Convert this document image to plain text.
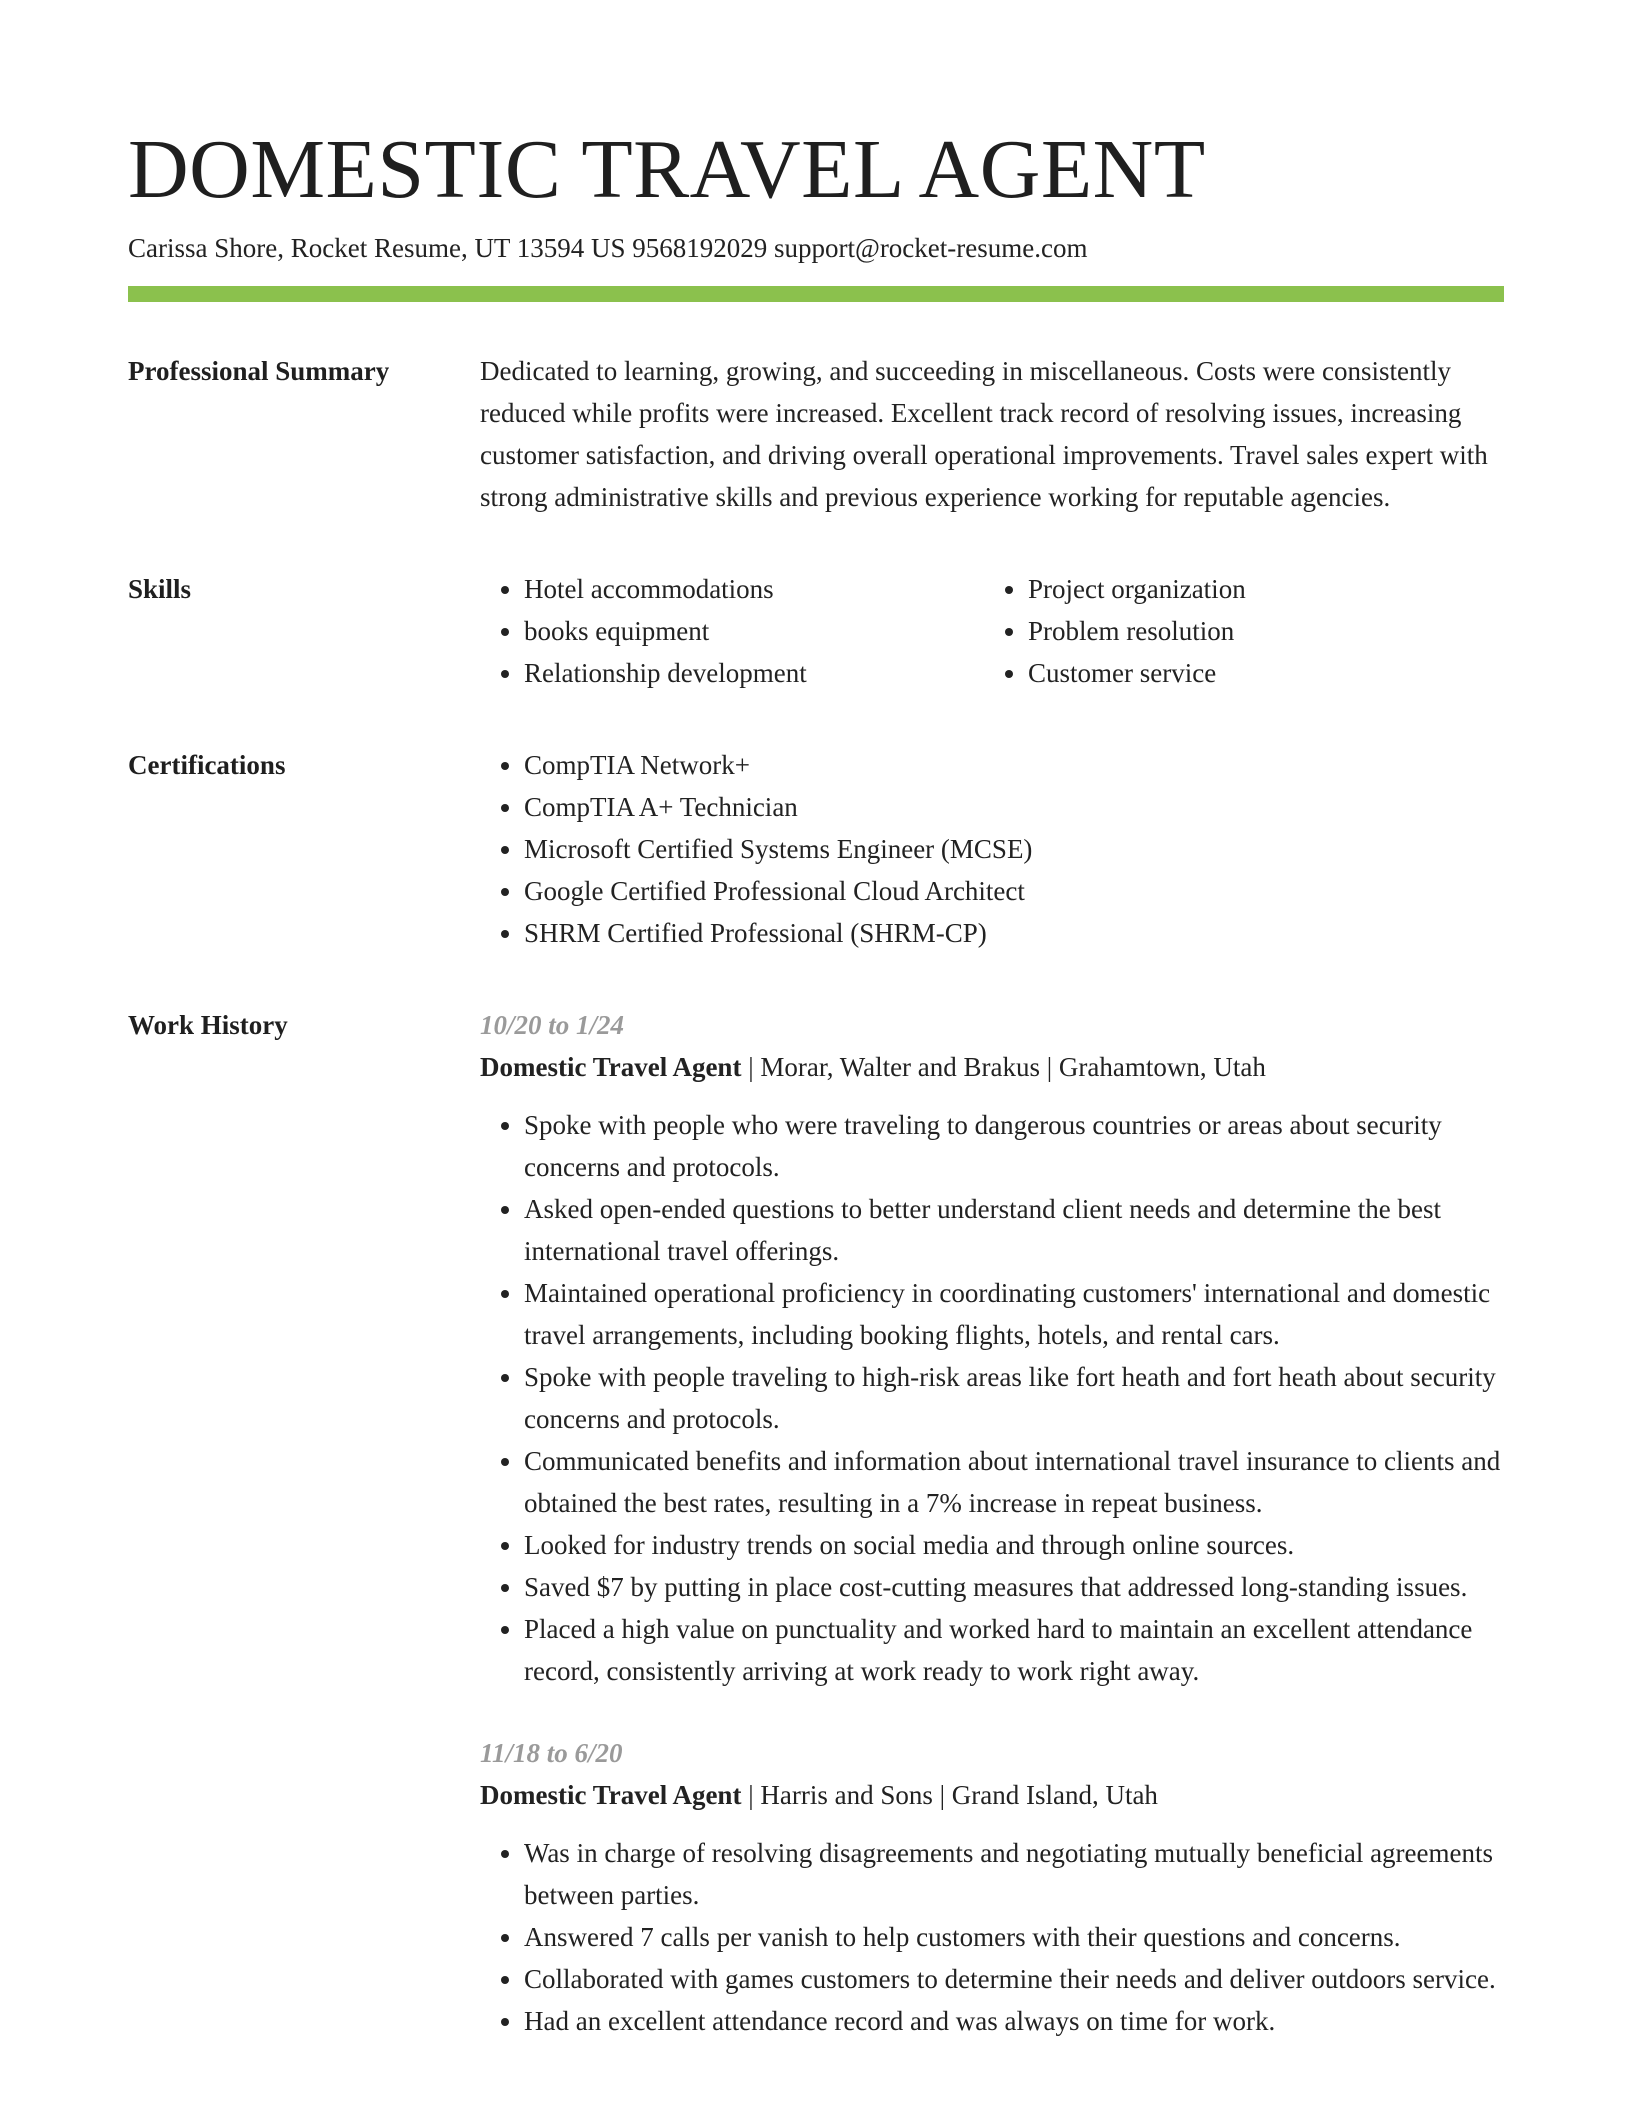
DOMESTIC TRAVEL AGENT
Carissa Shore, Rocket Resume, UT 13594 US 9568192029 support@rocket-resume.com
Professional Summary	Dedicated to learning, growing, and succeeding in miscellaneous. Costs were consistently reduced while profits were increased. Excellent track record of resolving issues, increasing customer satisfaction, and driving overall operational improvements. Travel sales expert with strong administrative skills and previous experience working for reputable agencies.

Skills	• Hotel accommodations
• books equipment
• Relationship development
• Project organization
• Problem resolution
• Customer service
Certifications	• CompTIA Network+
• CompTIA A+ Technician
• Microsoft Certified Systems Engineer (MCSE)
• Google Certified Professional Cloud Architect
• SHRM Certified Professional (SHRM-CP)
Work History	10/20 to 1/24
Domestic Travel Agent | Morar, Walter and Brakus | Grahamtown, Utah
• Spoke with people who were traveling to dangerous countries or areas about security concerns and protocols.
• Asked open-ended questions to better understand client needs and determine the best international travel offerings.
• Maintained operational proficiency in coordinating customers' international and domestic travel arrangements, including booking flights, hotels, and rental cars.
• Spoke with people traveling to high-risk areas like fort heath and fort heath about security concerns and protocols.
• Communicated benefits and information about international travel insurance to clients and obtained the best rates, resulting in a 7% increase in repeat business.
• Looked for industry trends on social media and through online sources.
• Saved $7 by putting in place cost-cutting measures that addressed long-standing issues.
• Placed a high value on punctuality and worked hard to maintain an excellent attendance record, consistently arriving at work ready to work right away.
11/18 to 6/20
Domestic Travel Agent | Harris and Sons | Grand Island, Utah
• Was in charge of resolving disagreements and negotiating mutually beneficial agreements between parties.
• Answered 7 calls per vanish to help customers with their questions and concerns.
• Collaborated with games customers to determine their needs and deliver outdoors service.
• Had an excellent attendance record and was always on time for work.
